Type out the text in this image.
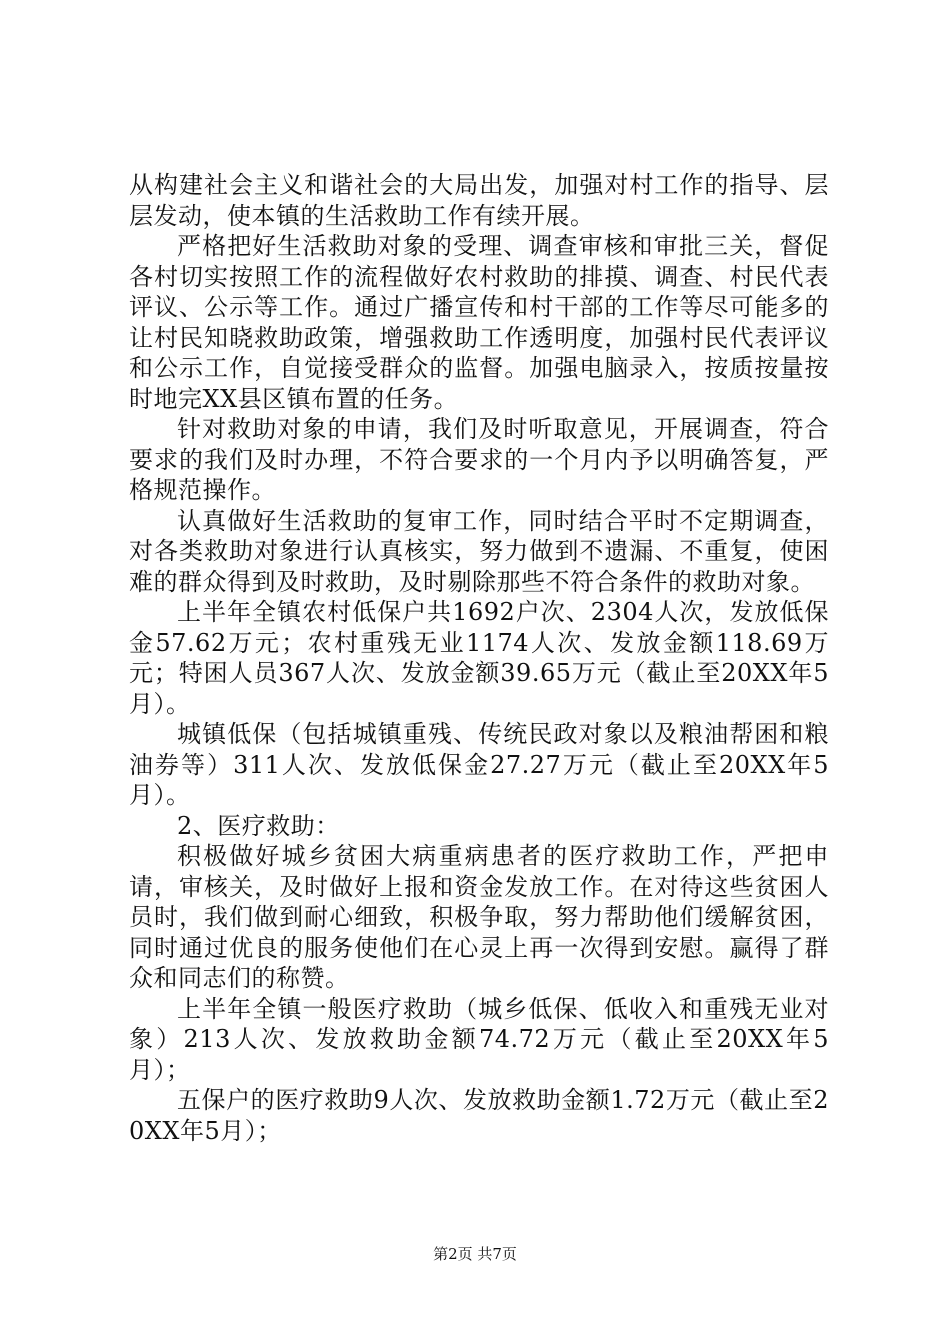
从构建社会主义和谐社会的大局出发，加强对村工作的指导、层层发动，使本镇的生活救助工作有续开展。

严格把好生活救助对象的受理、调查审核和审批三关，督促各村切实按照工作的流程做好农村救助的排摸、调查、村民代表评议、公示等工作。通过广播宣传和村干部的工作等尽可能多的让村民知晓救助政策，增强救助工作透明度，加强村民代表评议和公示工作，自觉接受群众的监督。加强电脑录入，按质按量按时地完XX县区镇布置的任务。

针对救助对象的申请，我们及时听取意见，开展调查，符合要求的我们及时办理，不符合要求的一个月内予以明确答复，严格规范操作。

认真做好生活救助的复审工作，同时结合平时不定期调查，对各类救助对象进行认真核实，努力做到不遗漏、不重复，使困难的群众得到及时救助，及时剔除那些不符合条件的救助对象。

上半年全镇农村低保户共1692户次、2304人次，发放低保金57.62万元；农村重残无业1174人次、发放金额118.69万元；特困人员367人次、发放金额39.65万元（截止至20XX年5月）。

城镇低保（包括城镇重残、传统民政对象以及粮油帮困和粮油券等）311人次、发放低保金27.27万元（截止至20XX年5月）。

2、医疗救助：

积极做好城乡贫困大病重病患者的医疗救助工作，严把申请，审核关，及时做好上报和资金发放工作。在对待这些贫困人员时，我们做到耐心细致，积极争取，努力帮助他们缓解贫困，同时通过优良的服务使他们在心灵上再一次得到安慰。赢得了群众和同志们的称赞。

上半年全镇一般医疗救助（城乡低保、低收入和重残无业对象）213人次、发放救助金额74.72万元（截止至20XX年5月）；

五保户的医疗救助9人次、发放救助金额1.72万元（截止至20XX年5月）；

第2页 共7页
